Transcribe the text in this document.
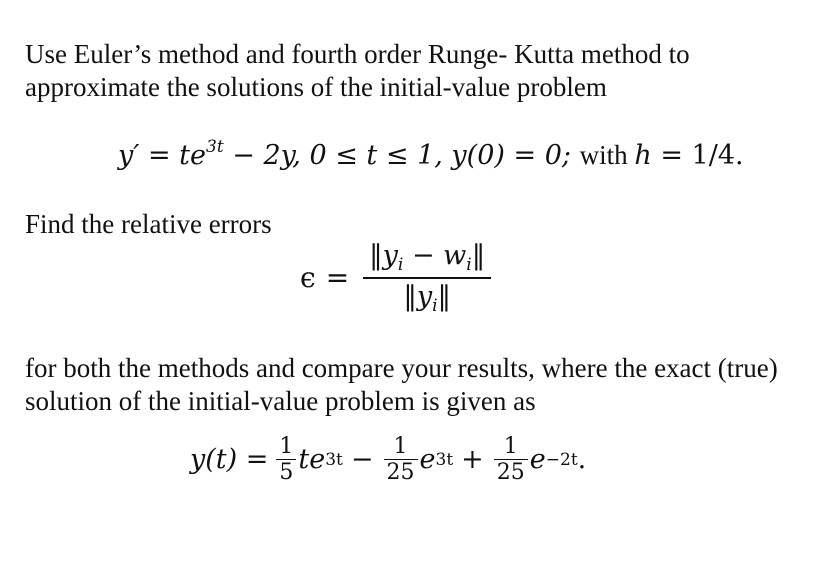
Use Euler’s method and fourth order Runge- Kutta method to approximate the solutions of the initial-value problem

$y' = te^{3t} - 2y$, 0 ≤ t ≤ 1, y(0) = 0; with h = 1/4.

Find the relative errors

$\epsilon = \frac{‖y_i - w_i‖}{‖y_i‖}$

for both the methods and compare your results, where the exact (true) solution of the initial-value problem is given as

$y(t) = \frac{1}{5}$ te $3t - \frac{1}{25}$ e $3t + \frac{1}{25}$ e −2t .
